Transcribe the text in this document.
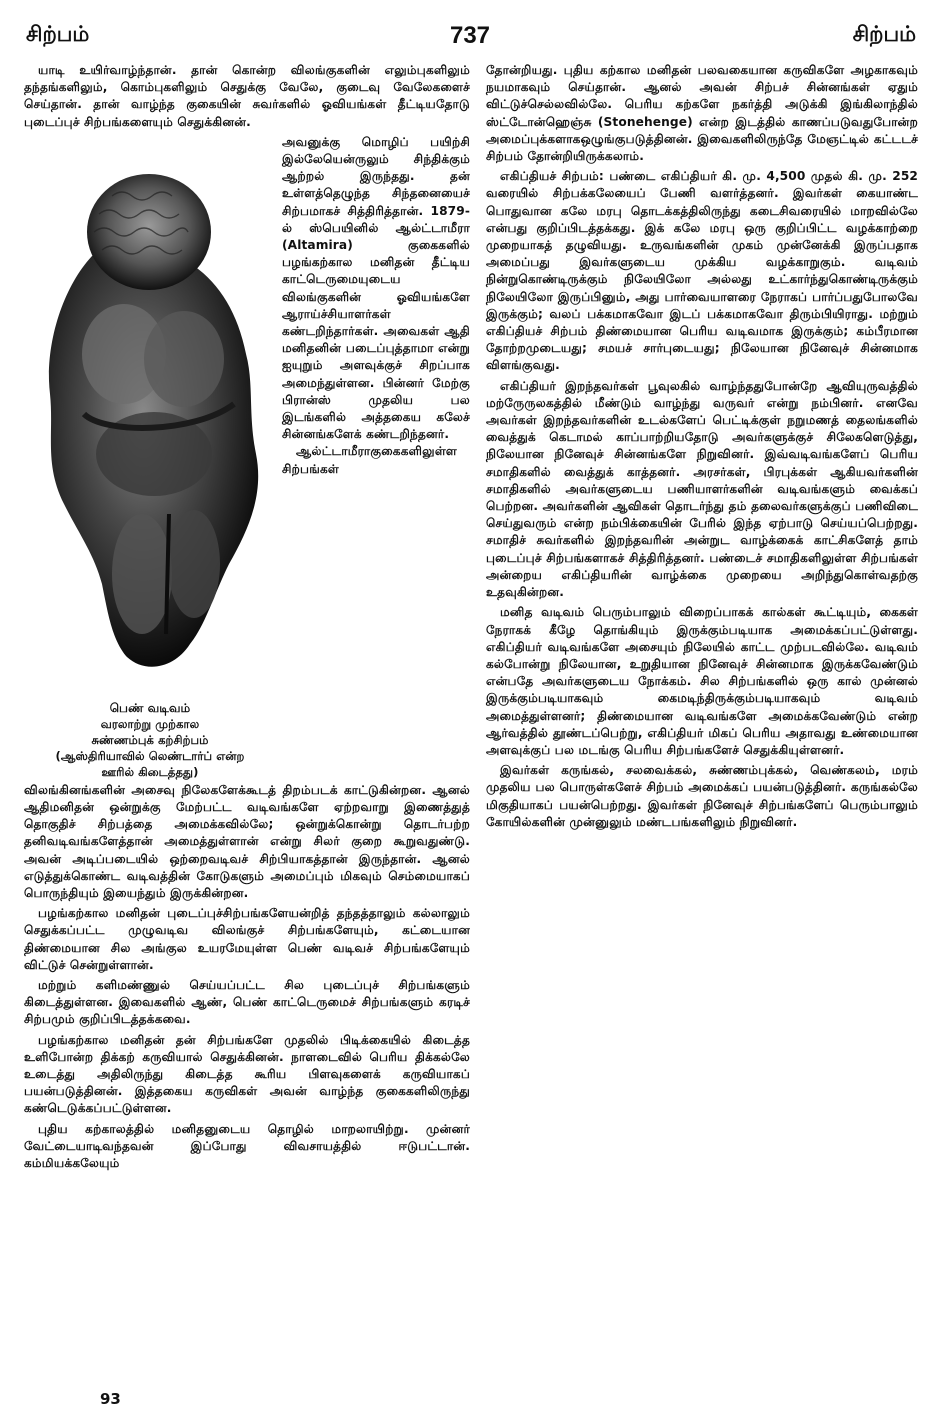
சிற்பம்	737	சிற்பம்

யாடி உயிர்வாழ்ந்தான். தான் கொன்ற விலங்குகளின் எலும்புகளிலும் தந்தங்களிலும், கொம்புகளிலும் செதுக்கு வேலே, குடைவு வேலேகளைச் செய்தான். தான் வாழ்ந்த குகையின் சுவர்களில் ஓவியங்கள் தீட்டியதோடு புடைப்புச் சிற்பங்களையும் செதுக்கினன்.

பெண் வடிவம்
வரலாற்று முற்கால
சுண்ணம்புக் கற்சிற்பம்
(ஆஸ்திரியாவில் லெண்டார்ப் என்ற
ஊரில் கிடைத்தது)

அவனுக்கு மொழிப் பயிற்சி இல்லேயென்ருலும் சிந்திக்கும் ஆற்றல் இருந்தது. தன் உள்ளத்தெழுந்த சிந்தனையைச் சிற்பமாகச் சித்திரித்தான். 1879-ல் ஸ்பெயினில் ஆல்ட்டாமீரா (Altamira) குகைகளில் பழங்கற்கால மனிதன் தீட்டிய காட்டெருமையுடைய விலங்குகளின் ஓவியங்களே ஆராய்ச்சியாளர்கள் கண்டறிந்தார்கள். அவைகள் ஆதி மனிதனின் படைப்புத்தாமா என்று ஐயுறும் அளவுக்குச் சிறப்பாக அமைந்துள்ளன. பின்னர் மேற்கு பிரான்ஸ் முதலிய பல இடங்களில் அத்தகைய கலேச் சின்னங்களேக் கண்டறிந்தனர்.

ஆல்ட்டாமீராகுகைகளிலுள்ள சிற்பங்கள்

விலங்கினங்களின் அசைவு நிலேகளேக்கூடத் திறம்படக் காட்டுகின்றன. ஆனல் ஆதிமனிதன் ஒன்றுக்கு மேற்பட்ட வடிவங்களே ஏற்றவாறு இணைத்துத் தொகுதிச் சிற்பத்தை அமைக்கவில்லே; ஒன்றுக்கொன்று தொடர்பற்ற தனிவடிவங்களேத்தான் அமைத்துள்ளான் என்று சிலர் குறை கூறுவதுண்டு. அவன் அடிப்படையில் ஒற்றைவடிவச் சிற்பியாகத்தான் இருந்தான். ஆனல் எடுத்துக்கொண்ட வடிவத்தின் கோடுகளும் அமைப்பும் மிகவும் செம்மையாகப் பொருந்தியும் இயைந்தும் இருக்கின்றன.

பழங்கற்கால மனிதன் புடைப்புச்சிற்பங்களேயன்றித் தந்தத்தாலும் கல்லாலும் செதுக்கப்பட்ட முழுவடிவ விலங்குச் சிற்பங்களேயும், கட்டையான திண்மையான சில அங்குல உயரமேயுள்ள பெண் வடிவச் சிற்பங்களேயும் விட்டுச் சென்றுள்ளான்.

மற்றும் களிமண்ணுல் செய்யப்பட்ட சில புடைப்புச் சிற்பங்களும் கிடைத்துள்ளன. இவைகளில் ஆண், பெண் காட்டெருமைச் சிற்பங்களும் கரடிச் சிற்பமும் குறிப்பிடத்தக்கவை.

பழங்கற்கால மனிதன் தன் சிற்பங்களே முதலில் பிடிக்கையில் கிடைத்த உளிபோன்ற திக்கற் கருவியால் செதுக்கினன். நாளடைவில் பெரிய திக்கல்லே உடைத்து அதிலிருந்து கிடைத்த கூரிய பிளவுகளைக் கருவியாகப் பயன்படுத்தினன். இத்தகைய கருவிகள் அவன் வாழ்ந்த குகைகளிலிருந்து கண்டெடுக்கப்பட்டுள்ளன.

புதிய கற்காலத்தில் மனிதனுடைய தொழில் மாறலாயிற்று. முன்னர் வேட்டையாடிவந்தவன் இப்போது விவசாயத்தில் ஈடுபட்டான். கம்மியக்கலேயும்

தோன்றியது. புதிய கற்கால மனிதன் பலவகையான கருவிகளே அழகாகவும் நயமாகவும் செய்தான். ஆனல் அவன் சிற்பச் சின்னங்கள் ஏதும் விட்டுச்செல்லவில்லே. பெரிய கற்களே நகர்த்தி அடுக்கி இங்கிலாந்தில் ஸ்ட்டோன்ஹெஞ்சு (Stonehenge) என்ற இடத்தில் காணப்படுவதுபோன்ற அமைப்புக்களாகஒழுங்குபடுத்தினன். இவைகளிலிருந்தே மேஞட்டில் கட்டடச் சிற்பம் தோன்றியிருக்கலாம்.

எகிப்தியச் சிற்பம்: பண்டை எகிப்தியர் கி. மு. 4,500 முதல் கி. மு. 252 வரையில் சிற்பக்கலேயைப் பேணி வளர்த்தனர். இவர்கள் கையாண்ட பொதுவான கலே மரபு தொடக்கத்திலிருந்து கடைசிவரையில் மாறவில்லே என்பது குறிப்பிடத்தக்கது. இக் கலே மரபு ஒரு குறிப்பிட்ட வழக்காற்றை முறையாகத் தழுவியது. உருவங்களின் முகம் முன்னேக்கி இருப்பதாக அமைப்பது இவர்களுடைய முக்கிய வழக்காறுகும். வடிவம் நின்றுகொண்டிருக்கும் நிலேயிலோ அல்லது உட்கார்ந்துகொண்டிருக்கும் நிலேயிலோ இருப்பினும், அது பார்வையாளரை நேராகப் பார்ப்பதுபோலவே இருக்கும்; வலப் பக்கமாகவோ இடப் பக்கமாகவோ திரும்பியிராது. மற்றும் எகிப்தியச் சிற்பம் திண்மையான பெரிய வடிவமாக இருக்கும்; கம்பீரமான தோற்றமுடையது; சமயச் சார்புடையது; நிலேயான நினேவுச் சின்னமாக விளங்குவது.

எகிப்தியர் இறந்தவர்கள் பூவுலகில் வாழ்ந்ததுபோன்றே ஆவியுருவத்தில் மற்ருேருலகத்தில் மீண்டும் வாழ்ந்து வருவர் என்று நம்பினர். எனவே அவர்கள் இறந்தவர்களின் உடல்களேப் பெட்டிக்குள் நறுமணத் தைலங்களில் வைத்துக் கெடாமல் காப்பாற்றியதோடு அவர்களுக்குச் சிலேகளெடுத்து, நிலேயான நினேவுச் சின்னங்களே நிறுவினர். இவ்வடிவங்களேப் பெரிய சமாதிகளில் வைத்துக் காத்தனர். அரசர்கள், பிரபுக்கள் ஆகியவர்களின் சமாதிகளில் அவர்களுடைய பணியாளர்களின் வடிவங்களும் வைக்கப் பெற்றன. அவர்களின் ஆவிகள் தொடர்ந்து தம் தலைவர்களுக்குப் பணிவிடை செய்துவரும் என்ற நம்பிக்கையின் பேரில் இந்த ஏற்பாடு செய்யப்பெற்றது. சமாதிச் சுவர்களில் இறந்தவரின் அன்றுட வாழ்க்கைக் காட்சிகளேத் தாம் புடைப்புச் சிற்பங்களாகச் சித்திரித்தனர். பண்டைச் சமாதிகளிலுள்ள சிற்பங்கள் அன்றைய எகிப்தியரின் வாழ்க்கை முறையை அறிந்துகொள்வதற்கு உதவுகின்றன.

மனித வடிவம் பெரும்பாலும் விறைப்பாகக் கால்கள் கூட்டியும், கைகள் நேராகக் கீழே தொங்கியும் இருக்கும்படியாக அமைக்கப்பட்டுள்ளது. எகிப்தியர் வடிவங்களே அசையும் நிலேயில் காட்ட முற்படவில்லே. வடிவம் கல்போன்று நிலேயான, உறுதியான நினேவுச் சின்னமாக இருக்கவேண்டும் என்பதே அவர்களுடைய நோக்கம். சில சிற்பங்களில் ஒரு கால் முன்னல் இருக்கும்படியாகவும் கைமடிந்திருக்கும்படியாகவும் வடிவம் அமைத்துள்ளனர்; திண்மையான வடிவங்களே அமைக்கவேண்டும் என்ற ஆர்வத்தில் தூண்டப்பெற்று, எகிப்தியர் மிகப் பெரிய அதாவது உண்மையான அளவுக்குப் பல மடங்கு பெரிய சிற்பங்களேச் செதுக்கியுள்ளனர்.

இவர்கள் கருங்கல், சலவைக்கல், சுண்ணம்புக்கல், வெண்கலம், மரம் முதலிய பல பொருள்களேச் சிற்பம் அமைக்கப் பயன்படுத்தினர். கருங்கல்லே மிகுதியாகப் பயன்பெற்றது. இவர்கள் நினேவுச் சிற்பங்களேப் பெரும்பாலும் கோயில்களின் முன்னுலும் மண்டபங்களிலும் நிறுவினர்.

93
